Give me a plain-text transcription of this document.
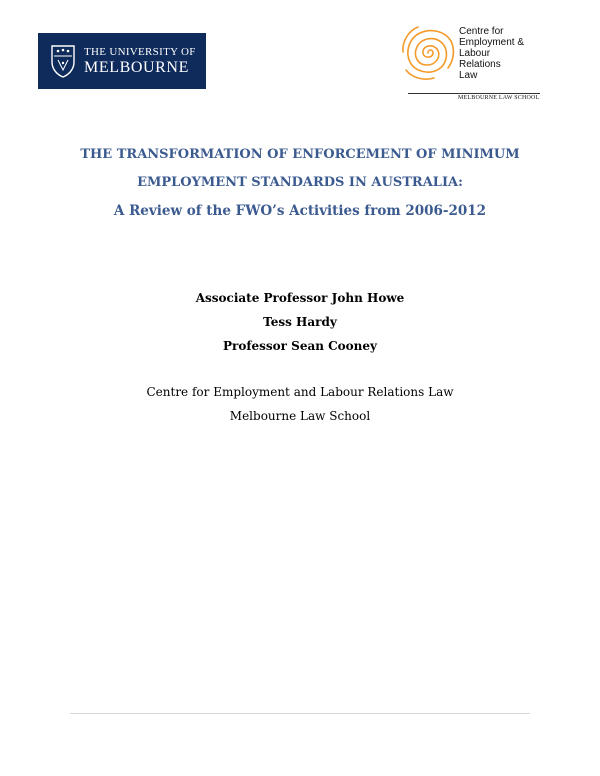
THE UNIVERSITY OF
MELBOURNE
Centre for
Employment &
Labour
Relations
Law
MELBOURNE LAW SCHOOL
THE TRANSFORMATION OF ENFORCEMENT OF MINIMUM
EMPLOYMENT STANDARDS IN AUSTRALIA:
A Review of the FWO’s Activities from 2006-2012
Associate Professor John Howe
Tess Hardy
Professor Sean Cooney
Centre for Employment and Labour Relations Law
Melbourne Law School
